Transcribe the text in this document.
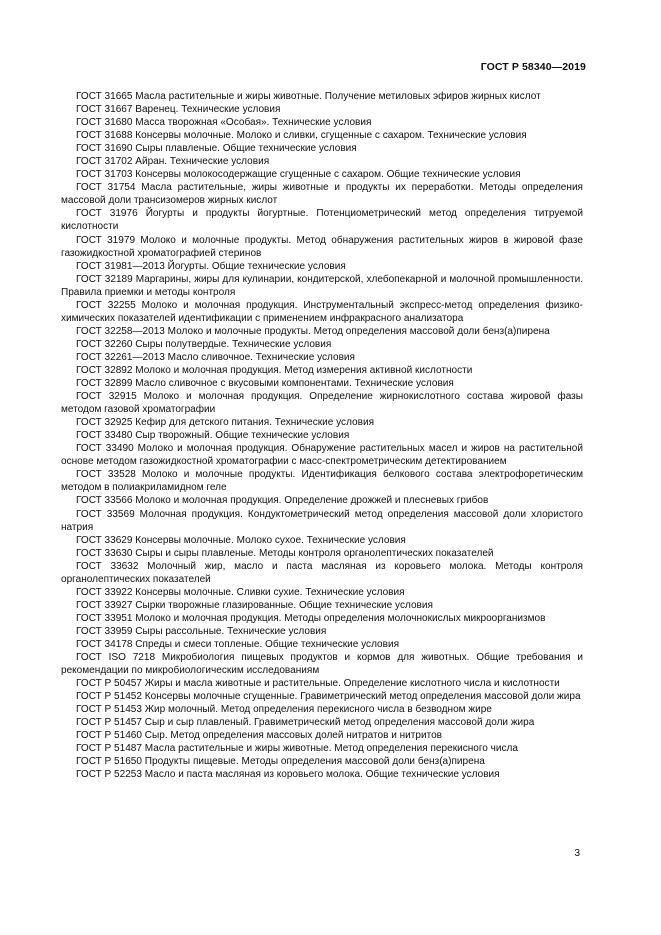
ГОСТ Р 58340—2019

ГОСТ 31665 Масла растительные и жиры животные. Получение метиловых эфиров жирных кислот

ГОСТ 31667 Варенец. Технические условия

ГОСТ 31680 Масса творожная «Особая». Технические условия

ГОСТ 31688 Консервы молочные. Молоко и сливки, сгущенные с сахаром. Технические условия

ГОСТ 31690 Сыры плавленые. Общие технические условия

ГОСТ 31702 Айран. Технические условия

ГОСТ 31703 Консервы молокосодержащие сгущенные с сахаром. Общие технические условия

ГОСТ 31754 Масла растительные, жиры животные и продукты их переработки. Методы определения массовой доли трансизомеров жирных кислот

ГОСТ 31976 Йогурты и продукты йогуртные. Потенциометрический метод определения титруемой кислотности

ГОСТ 31979 Молоко и молочные продукты. Метод обнаружения растительных жиров в жировой фазе газожидкостной хроматографией стеринов

ГОСТ 31981—2013 Йогурты. Общие технические условия

ГОСТ 32189 Маргарины, жиры для кулинарии, кондитерской, хлебопекарной и молочной промышленности. Правила приемки и методы контроля

ГОСТ 32255 Молоко и молочная продукция. Инструментальный экспресс-метод определения физико-химических показателей идентификации с применением инфракрасного анализатора

ГОСТ 32258—2013 Молоко и молочные продукты. Метод определения массовой доли бенз(а)пирена

ГОСТ 32260 Сыры полутвердые. Технические условия

ГОСТ 32261—2013 Масло сливочное. Технические условия

ГОСТ 32892 Молоко и молочная продукция. Метод измерения активной кислотности

ГОСТ 32899 Масло сливочное с вкусовыми компонентами. Технические условия

ГОСТ 32915 Молоко и молочная продукция. Определение жирнокислотного состава жировой фазы методом газовой хроматографии

ГОСТ 32925 Кефир для детского питания. Технические условия

ГОСТ 33480 Сыр творожный. Общие технические условия

ГОСТ 33490 Молоко и молочная продукция. Обнаружение растительных масел и жиров на растительной основе методом газожидкостной хроматографии с масс-спектрометрическим детектированием

ГОСТ 33528 Молоко и молочные продукты. Идентификация белкового состава электрофоретическим методом в полиакриламидном геле

ГОСТ 33566 Молоко и молочная продукция. Определение дрожжей и плесневых грибов

ГОСТ 33569 Молочная продукция. Кондуктометрический метод определения массовой доли хлористого натрия

ГОСТ 33629 Консервы молочные. Молоко сухое. Технические условия

ГОСТ 33630 Сыры и сыры плавленые. Методы контроля органолептических показателей

ГОСТ 33632 Молочный жир, масло и паста масляная из коровьего молока. Методы контроля органолептических показателей

ГОСТ 33922 Консервы молочные. Сливки сухие. Технические условия

ГОСТ 33927 Сырки творожные глазированные. Общие технические условия

ГОСТ 33951 Молоко и молочная продукция. Методы определения молочнокислых микроорганизмов

ГОСТ 33959 Сыры рассольные. Технические условия

ГОСТ 34178 Спреды и смеси топленые. Общие технические условия

ГОСТ ISO 7218 Микробиология пищевых продуктов и кормов для животных. Общие требования и рекомендации по микробиологическим исследованиям

ГОСТ Р 50457 Жиры и масла животные и растительные. Определение кислотного числа и кислотности

ГОСТ Р 51452 Консервы молочные сгущенные. Гравиметрический метод определения массовой доли жира

ГОСТ Р 51453 Жир молочный. Метод определения перекисного числа в безводном жире

ГОСТ Р 51457 Сыр и сыр плавленый. Гравиметрический метод определения массовой доли жира

ГОСТ Р 51460 Сыр. Метод определения массовых долей нитратов и нитритов

ГОСТ Р 51487 Масла растительные и жиры животные. Метод определения перекисного числа

ГОСТ Р 51650 Продукты пищевые. Методы определения массовой доли бенз(а)пирена

ГОСТ Р 52253 Масло и паста масляная из коровьего молока. Общие технические условия

3
